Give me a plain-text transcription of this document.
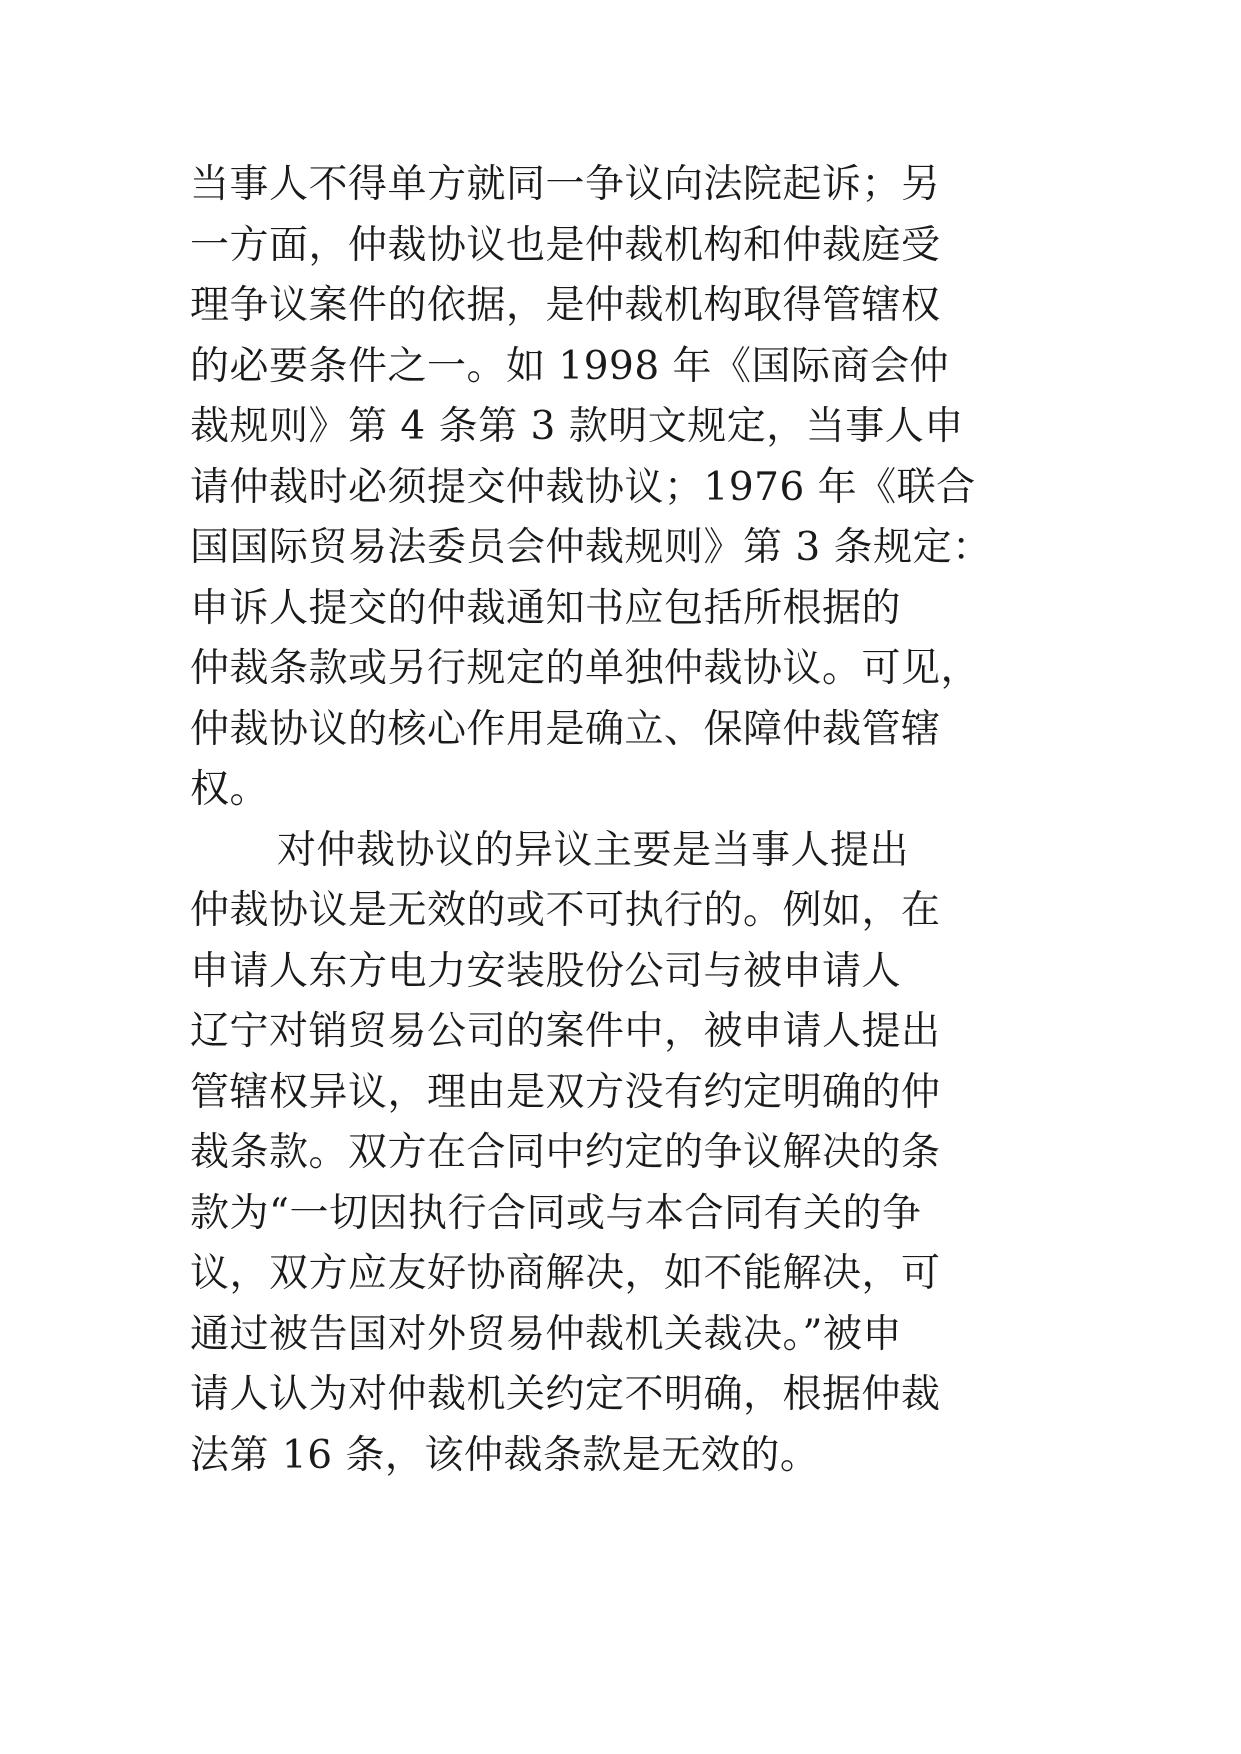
当事人不得单方就同一争议向法院起诉；另
一方面，仲裁协议也是仲裁机构和仲裁庭受
理争议案件的依据，是仲裁机构取得管辖权
的必要条件之一。如 1998 年《国际商会仲
裁规则》第 4 条第 3 款明文规定，当事人申
请仲裁时必须提交仲裁协议；1976 年《联合
国国际贸易法委员会仲裁规则》第 3 条规定：
申诉人提交的仲裁通知书应包括所根据的
仲裁条款或另行规定的单独仲裁协议。可见，
仲裁协议的核心作用是确立、保障仲裁管辖
权。
对仲裁协议的异议主要是当事人提出
仲裁协议是无效的或不可执行的。例如，在
申请人东方电力安装股份公司与被申请人
辽宁对销贸易公司的案件中，被申请人提出
管辖权异议，理由是双方没有约定明确的仲
裁条款。双方在合同中约定的争议解决的条
款为“一切因执行合同或与本合同有关的争
议，双方应友好协商解决，如不能解决，可
通过被告国对外贸易仲裁机关裁决。”被申
请人认为对仲裁机关约定不明确，根据仲裁
法第 16 条，该仲裁条款是无效的。
